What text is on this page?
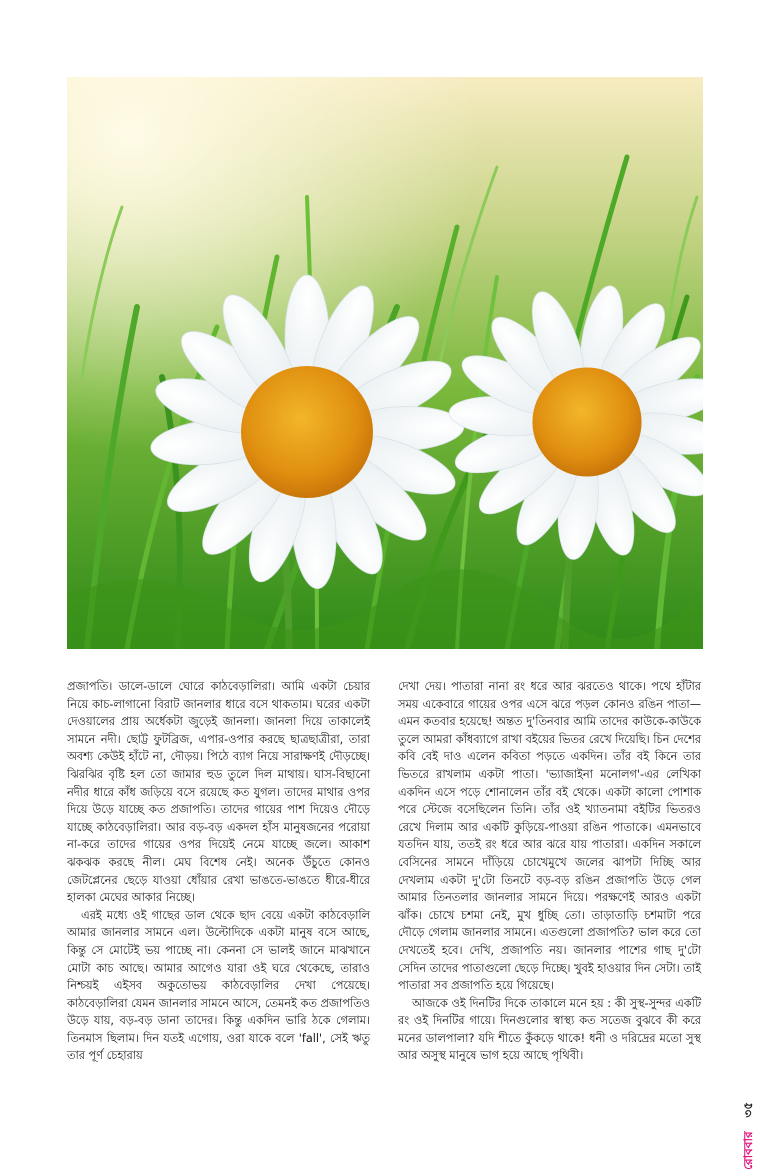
প্রজাপতি। ডালে-ডালে ঘোরে কাঠবেড়ালিরা। আমি একটা চেয়ার নিয়ে কাচ-লাগানো বিরাট জানলার ধারে বসে থাকতাম। ঘরের একটা দেওয়ালের প্রায় অর্ধেকটা জুড়েই জানলা। জানলা দিয়ে তাকালেই সামনে নদী। ছোট্ট ফুটব্রিজ, এপার-ওপার করছে ছাত্রছাত্রীরা, তারা অবশ্য কেউই হাঁটে না, দৌড়য়। পিঠে ব্যাগ নিয়ে সারাক্ষণই দৌড়চ্ছে। ঝিরঝির বৃষ্টি হল তো জামার হুড তুলে দিল মাথায়। ঘাস-বিছানো নদীর ধারে কাঁধ জড়িয়ে বসে রয়েছে কত যুগল। তাদের মাথার ওপর দিয়ে উড়ে যাচ্ছে কত প্রজাপতি। তাদের গায়ের পাশ দিয়েও দৌড়ে যাচ্ছে কাঠবেড়ালিরা। আর বড়-বড় একদল হাঁস মানুষজনের পরোয়া না-করে তাদের গায়ের ওপর দিয়েই নেমে যাচ্ছে জলে। আকাশ ঝকঝক করছে নীল। মেঘ বিশেষ নেই। অনেক উঁচুতে কোনও জেটপ্লেনের ছেড়ে যাওয়া ধোঁয়ার রেখা ভাঙতে-ভাঙতে ধীরে-ধীরে হালকা মেঘের আকার নিচ্ছে।

এরই মধ্যে ওই গাছের ডাল থেকে ছাদ বেয়ে একটা কাঠবেড়ালি আমার জানলার সামনে এল। উল্টোদিকে একটা মানুষ বসে আছে, কিন্তু সে মোটেই ভয় পাচ্ছে না। কেননা সে ভালই জানে মাঝখানে মোটা কাচ আছে। আমার আগেও যারা ওই ঘরে থেকেছে, তারাও নিশ্চয়ই এইসব অকুতোভয় কাঠবেড়ালির দেখা পেয়েছে। কাঠবেড়ালিরা যেমন জানলার সামনে আসে, তেমনই কত প্রজাপতিও উড়ে যায়, বড়-বড় ডানা তাদের। কিন্তু একদিন ভারি ঠকে গেলাম। তিনমাস ছিলাম। দিন যতই এগোয়, ওরা যাকে বলে 'fall', সেই ঋতু তার পূর্ণ চেহারায়

দেখা দেয়। পাতারা নানা রং ধরে আর ঝরতেও থাকে। পথে হাঁটার সময় একেবারে গায়ের ওপর এসে ঝরে পড়ল কোনও রঙিন পাতা—এমন কতবার হয়েছে! অন্তত দু'তিনবার আমি তাদের কাউকে-কাউকে তুলে আমরা কাঁধব্যাগে রাখা বইয়ের ভিতর রেখে দিয়েছি। চিন দেশের কবি বেই দাও এলেন কবিতা পড়তে একদিন। তাঁর বই কিনে তার ভিতরে রাখলাম একটা পাতা। 'ভ্যাজাইনা মনোলগ'-এর লেখিকা একদিন এসে পড়ে শোনালেন তাঁর বই থেকে। একটা কালো পোশাক পরে স্টেজে বসেছিলেন তিনি। তাঁর ওই খ্যাতনামা বইটির ভিতরও রেখে দিলাম আর একটি কুড়িয়ে-পাওয়া রঙিন পাতাকে। এমনভাবে যতদিন যায়, ততই রং ধরে আর ঝরে যায় পাতারা। একদিন সকালে বেসিনের সামনে দাঁড়িয়ে চোখেমুখে জলের ঝাপটা দিচ্ছি আর দেখলাম একটা দু'টো তিনটে বড়-বড় রঙিন প্রজাপতি উড়ে গেল আমার তিনতলার জানলার সামনে দিয়ে। পরক্ষণেই আরও একটা ঝাঁক। চোখে চশমা নেই, মুখ ধুচ্ছি তো। তাড়াতাড়ি চশমাটা পরে দৌড়ে গেলাম জানলার সামনে। এতগুলো প্রজাপতি? ভাল করে তো দেখতেই হবে। দেখি, প্রজাপতি নয়। জানলার পাশের গাছ দু'টো সেদিন তাদের পাতাগুলো ছেড়ে দিচ্ছে। খুবই হাওয়ার দিন সেটা। তাই পাতারা সব প্রজাপতি হয়ে গিয়েছে।

আজকে ওই দিনটির দিকে তাকালে মনে হয় : কী সুস্থ-সুন্দর একটি রং ওই দিনটির গায়ে। দিনগুলোর স্বাস্থ্য কত সতেজ বুঝবে কী করে মনের ডালপালা? যদি শীতে কুঁকড়ে থাকে! ধনী ও দরিদ্রের মতো সুস্থ আর অসুস্থ মানুষে ভাগ হয়ে আছে পৃথিবী।

রোববার ৩৫
